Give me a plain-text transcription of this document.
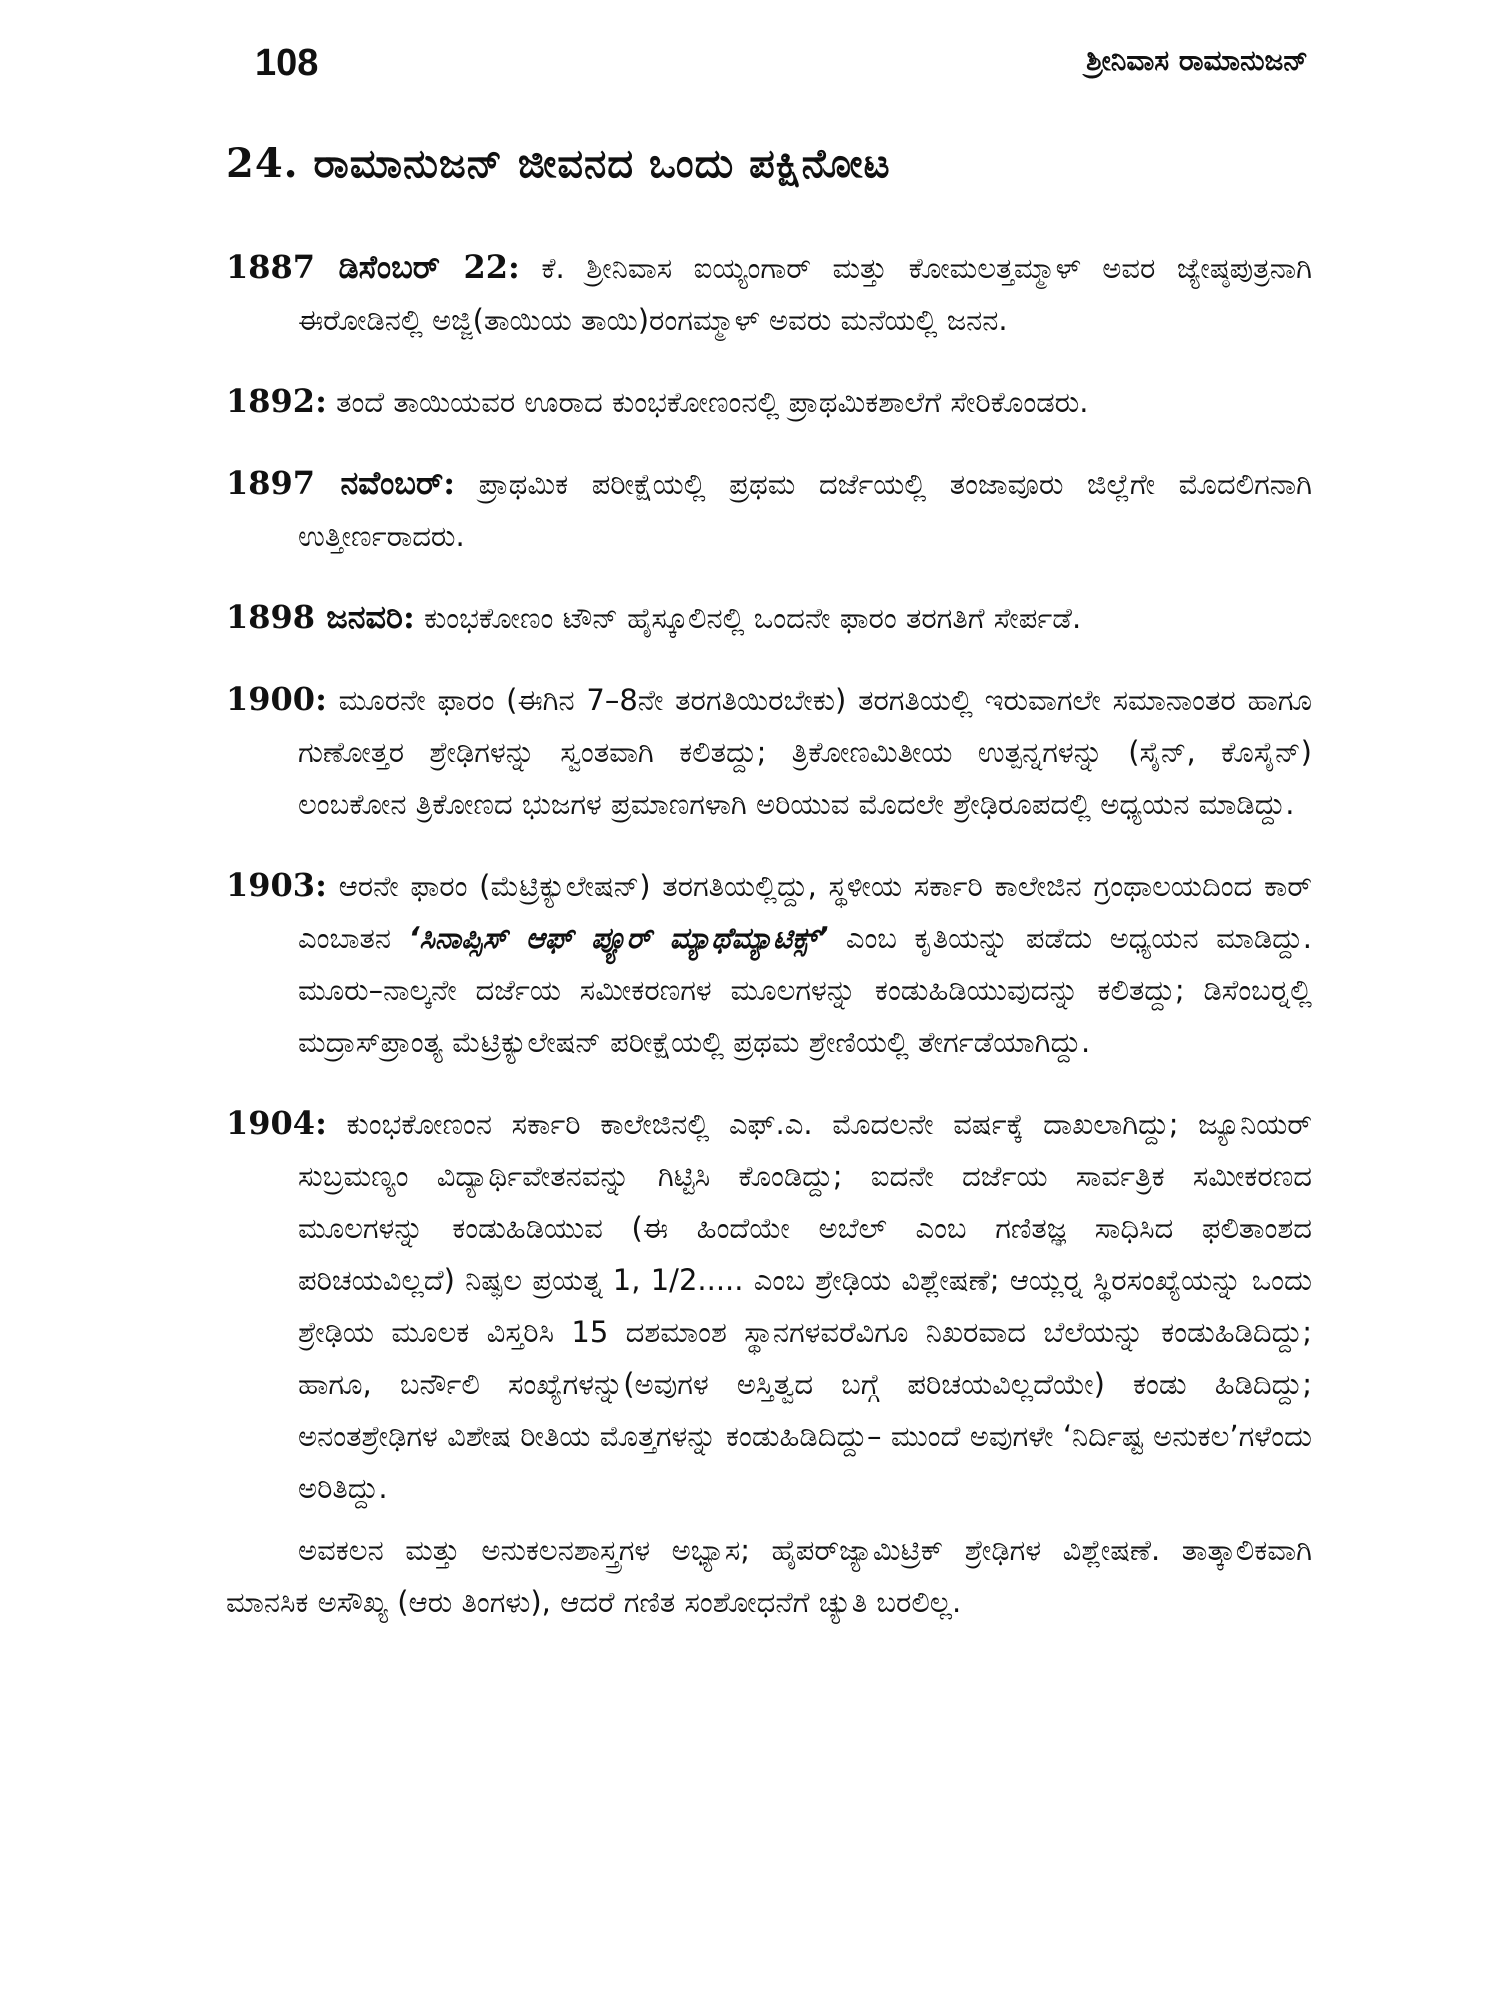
108	ಶ್ರೀನಿವಾಸ ರಾಮಾನುಜನ್
24. ರಾಮಾನುಜನ್ ಜೀವನದ ಒಂದು ಪಕ್ಷಿನೋಟ

1887 ಡಿಸೆಂಬರ್ 22: ಕೆ. ಶ್ರೀನಿವಾಸ ಐಯ್ಯಂಗಾರ್ ಮತ್ತು ಕೋಮಲತ್ತಮ್ಮಾಳ್ ಅವರ ಜ್ಯೇಷ್ಠಪುತ್ರನಾಗಿ ಈರೋಡಿನಲ್ಲಿ ಅಜ್ಜಿ(ತಾಯಿಯ ತಾಯಿ)ರಂಗಮ್ಮಾಳ್ ಅವರು ಮನೆಯಲ್ಲಿ ಜನನ.

1892: ತಂದೆ ತಾಯಿಯವರ ಊರಾದ ಕುಂಭಕೋಣಂನಲ್ಲಿ ಪ್ರಾಥಮಿಕಶಾಲೆಗೆ ಸೇರಿಕೊಂಡರು.

1897 ನವೆಂಬರ್: ಪ್ರಾಥಮಿಕ ಪರೀಕ್ಷೆಯಲ್ಲಿ ಪ್ರಥಮ ದರ್ಜೆಯಲ್ಲಿ ತಂಜಾವೂರು ಜಿಲ್ಲೆಗೇ ಮೊದಲಿಗನಾಗಿ ಉತ್ತೀರ್ಣರಾದರು.

1898 ಜನವರಿ: ಕುಂಭಕೋಣಂ ಟೌನ್ ಹೈಸ್ಕೂಲಿನಲ್ಲಿ ಒಂದನೇ ಫಾರಂ ತರಗತಿಗೆ ಸೇರ್ಪಡೆ.

1900: ಮೂರನೇ ಫಾರಂ (ಈಗಿನ 7–8ನೇ ತರಗತಿಯಿರಬೇಕು) ತರಗತಿಯಲ್ಲಿ ಇರುವಾಗಲೇ ಸಮಾನಾಂತರ ಹಾಗೂ ಗುಣೋತ್ತರ ಶ್ರೇಢಿಗಳನ್ನು ಸ್ವಂತವಾಗಿ ಕಲಿತದ್ದು; ತ್ರಿಕೋಣಮಿತೀಯ ಉತ್ಪನ್ನಗಳನ್ನು (ಸೈನ್, ಕೊಸೈನ್) ಲಂಬಕೋನ ತ್ರಿಕೋಣದ ಭುಜಗಳ ಪ್ರಮಾಣಗಳಾಗಿ ಅರಿಯುವ ಮೊದಲೇ ಶ್ರೇಢಿರೂಪದಲ್ಲಿ ಅಧ್ಯಯನ ಮಾಡಿದ್ದು.

1903: ಆರನೇ ಫಾರಂ (ಮೆಟ್ರಿಕ್ಯುಲೇಷನ್) ತರಗತಿಯಲ್ಲಿದ್ದು, ಸ್ಥಳೀಯ ಸರ್ಕಾರಿ ಕಾಲೇಜಿನ ಗ್ರಂಥಾಲಯದಿಂದ ಕಾರ್ ಎಂಬಾತನ ‘ಸಿನಾಪ್ಸಿಸ್ ಆಫ್ ಪ್ಯೂರ್ ಮ್ಯಾಥೆಮ್ಯಾಟಿಕ್ಸ್’ ಎಂಬ ಕೃತಿಯನ್ನು ಪಡೆದು ಅಧ್ಯಯನ ಮಾಡಿದ್ದು. ಮೂರು–ನಾಲ್ಕನೇ ದರ್ಜೆಯ ಸಮೀಕರಣಗಳ ಮೂಲಗಳನ್ನು ಕಂಡುಹಿಡಿಯುವುದನ್ನು ಕಲಿತದ್ದು; ಡಿಸೆಂಬರ್‍ನಲ್ಲಿ ಮದ್ರಾಸ್‌ಪ್ರಾಂತ್ಯ ಮೆಟ್ರಿಕ್ಯುಲೇಷನ್ ಪರೀಕ್ಷೆಯಲ್ಲಿ ಪ್ರಥಮ ಶ್ರೇಣಿಯಲ್ಲಿ ತೇರ್ಗಡೆಯಾಗಿದ್ದು.

1904: ಕುಂಭಕೋಣಂನ ಸರ್ಕಾರಿ ಕಾಲೇಜಿನಲ್ಲಿ ಎಫ್.ಎ. ಮೊದಲನೇ ವರ್ಷಕ್ಕೆ ದಾಖಲಾಗಿದ್ದು; ಜ್ಯೂನಿಯರ್ ಸುಬ್ರಮಣ್ಯಂ ವಿದ್ಯಾರ್ಥಿವೇತನವನ್ನು ಗಿಟ್ಟಿಸಿ ಕೊಂಡಿದ್ದು; ಐದನೇ ದರ್ಜೆಯ ಸಾರ್ವತ್ರಿಕ ಸಮೀಕರಣದ ಮೂಲಗಳನ್ನು ಕಂಡುಹಿಡಿಯುವ (ಈ ಹಿಂದೆಯೇ ಅಬೆಲ್ ಎಂಬ ಗಣಿತಜ್ಞ ಸಾಧಿಸಿದ ಫಲಿತಾಂಶದ ಪರಿಚಯವಿಲ್ಲದೆ) ನಿಷ್ಫಲ ಪ್ರಯತ್ನ 1, 1/2..... ಎಂಬ ಶ್ರೇಢಿಯ ವಿಶ್ಲೇಷಣೆ; ಆಯ್ಲರ್‍ನ ಸ್ಥಿರಸಂಖ್ಯೆಯನ್ನು ಒಂದು ಶ್ರೇಢಿಯ ಮೂಲಕ ವಿಸ್ತರಿಸಿ 15 ದಶಮಾಂಶ ಸ್ಥಾನಗಳವರೆವಿಗೂ ನಿಖರವಾದ ಬೆಲೆಯನ್ನು ಕಂಡುಹಿಡಿದಿದ್ದು; ಹಾಗೂ, ಬರ್ನೌಲಿ ಸಂಖ್ಯೆಗಳನ್ನು(ಅವುಗಳ ಅಸ್ತಿತ್ವದ ಬಗ್ಗೆ ಪರಿಚಯವಿಲ್ಲದೆಯೇ) ಕಂಡು ಹಿಡಿದಿದ್ದು; ಅನಂತಶ್ರೇಢಿಗಳ ವಿಶೇಷ ರೀತಿಯ ಮೊತ್ತಗಳನ್ನು ಕಂಡುಹಿಡಿದಿದ್ದು– ಮುಂದೆ ಅವುಗಳೇ ‘ನಿರ್ದಿಷ್ಟ ಅನುಕಲ’ಗಳೆಂದು ಅರಿತಿದ್ದು.

ಅವಕಲನ ಮತ್ತು ಅನುಕಲನಶಾಸ್ತ್ರಗಳ ಅಭ್ಯಾಸ; ಹೈಪರ್‌ಜ್ಯಾಮಿಟ್ರಿಕ್ ಶ್ರೇಢಿಗಳ ವಿಶ್ಲೇಷಣೆ. ತಾತ್ಕಾಲಿಕವಾಗಿ ಮಾನಸಿಕ ಅಸೌಖ್ಯ (ಆರು ತಿಂಗಳು), ಆದರೆ ಗಣಿತ ಸಂಶೋಧನೆಗೆ ಚ್ಯುತಿ ಬರಲಿಲ್ಲ.
